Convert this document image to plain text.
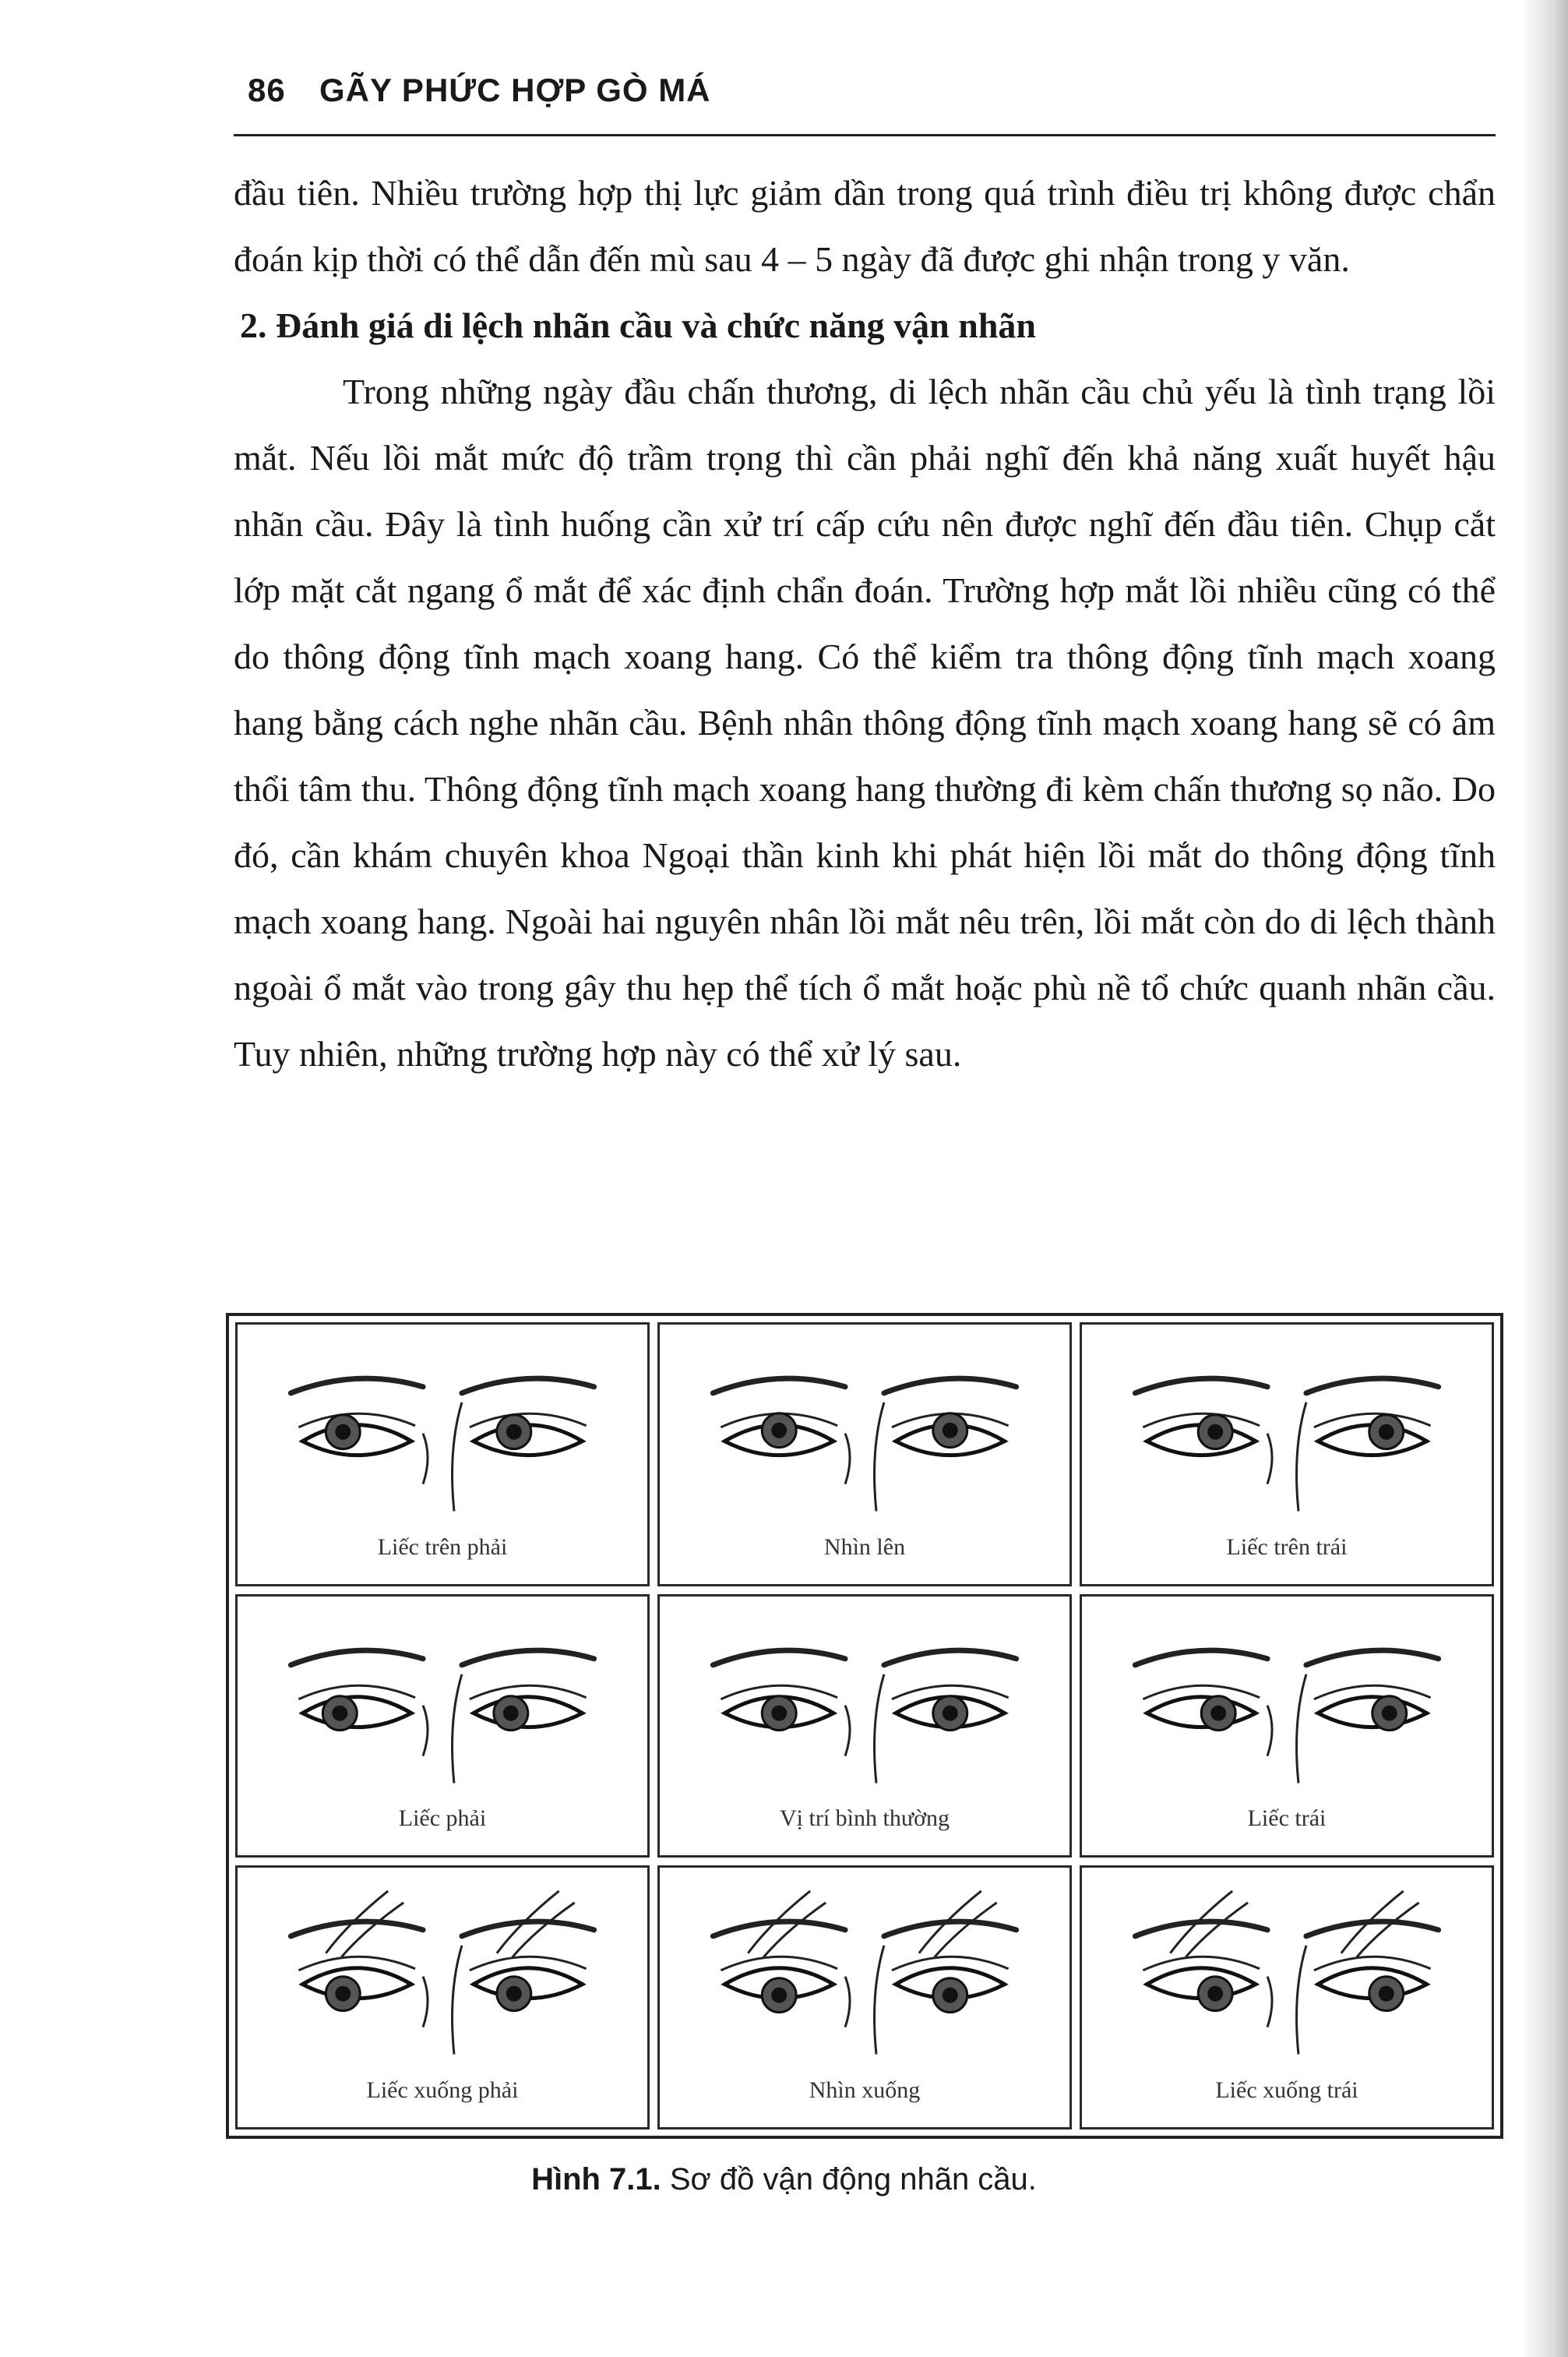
86 GÃY PHỨC HỢP GÒ MÁ

đầu tiên. Nhiều trường hợp thị lực giảm dần trong quá trình điều trị không được chẩn đoán kịp thời có thể dẫn đến mù sau 4 – 5 ngày đã được ghi nhận trong y văn.

2. Đánh giá di lệch nhãn cầu và chức năng vận nhãn

Trong những ngày đầu chấn thương, di lệch nhãn cầu chủ yếu là tình trạng lồi mắt. Nếu lồi mắt mức độ trầm trọng thì cần phải nghĩ đến khả năng xuất huyết hậu nhãn cầu. Đây là tình huống cần xử trí cấp cứu nên được nghĩ đến đầu tiên. Chụp cắt lớp mặt cắt ngang ổ mắt để xác định chẩn đoán. Trường hợp mắt lồi nhiều cũng có thể do thông động tĩnh mạch xoang hang. Có thể kiểm tra thông động tĩnh mạch xoang hang bằng cách nghe nhãn cầu. Bệnh nhân thông động tĩnh mạch xoang hang sẽ có âm thổi tâm thu. Thông động tĩnh mạch xoang hang thường đi kèm chấn thương sọ não. Do đó, cần khám chuyên khoa Ngoại thần kinh khi phát hiện lồi mắt do thông động tĩnh mạch xoang hang. Ngoài hai nguyên nhân lồi mắt nêu trên, lồi mắt còn do di lệch thành ngoài ổ mắt vào trong gây thu hẹp thể tích ổ mắt hoặc phù nề tổ chức quanh nhãn cầu. Tuy nhiên, những trường hợp này có thể xử lý sau.

Liếc trên phải	Nhìn lên	Liếc trên trái
Liếc phải	Vị trí bình thường	Liếc trái
Liếc xuống phải	Nhìn xuống	Liếc xuống trái
Hình 7.1. Sơ đồ vận động nhãn cầu.
